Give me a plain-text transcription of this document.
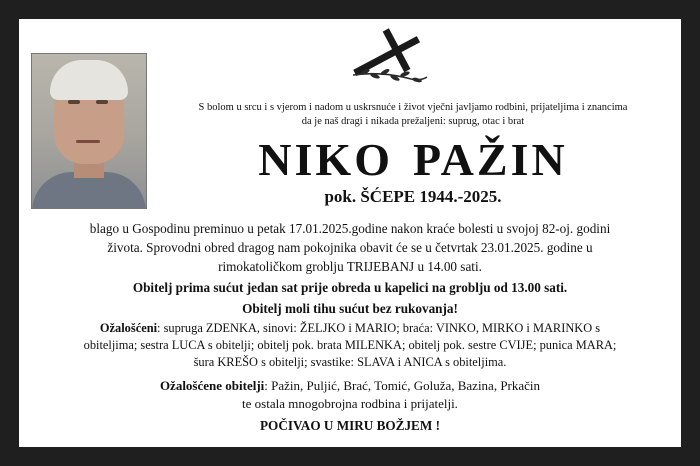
S bolom u srcu i s vjerom i nadom u uskrsnuće i život vječni javljamo rodbini, prijateljima i znancima
da je naš dragi i nikada prežaljeni: suprug, otac i brat
NIKO PAŽIN
pok. ŠĆEPE 1944.-2025.
blago u Gospodinu preminuo u petak 17.01.2025.godine nakon kraće bolesti u svojoj 82-oj. godini
života. Sprovodni obred dragog nam pokojnika obavit će se u četvrtak 23.01.2025. godine u
rimokatoličkom groblju TRIJEBANJ u 14.00 sati.
Obitelj prima sućut jedan sat prije obreda u kapelici na groblju od 13.00 sati.
Obitelj moli tihu sućut bez rukovanja!
Ožalošćeni: supruga ZDENKA, sinovi: ŽELJKO i MARIO; braća: VINKO, MIRKO i MARINKO s
obiteljima; sestra LUCA s obitelji; obitelj pok. brata MILENKA; obitelj pok. sestre CVIJE; punica MARA;
šura KREŠO s obitelji; svastike: SLAVA i ANICA s obiteljima.
Ožalošćene obitelji: Pažin, Puljić, Brać, Tomić, Goluža, Bazina, Prkačin
te ostala mnogobrojna rodbina i prijatelji.
POČIVAO U MIRU BOŽJEM !
